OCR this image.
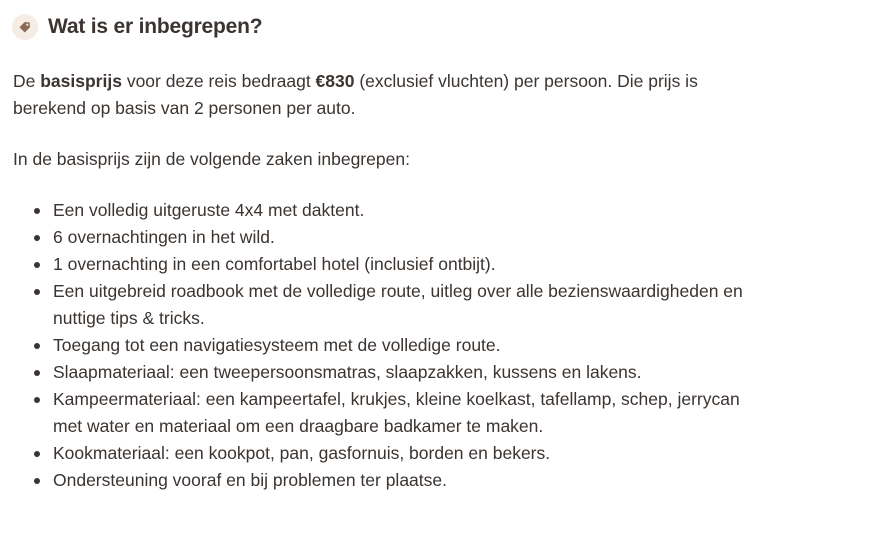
Wat is er inbegrepen?

De basisprijs voor deze reis bedraagt €830 (exclusief vluchten) per persoon. Die prijs is berekend op basis van 2 personen per auto.

In de basisprijs zijn de volgende zaken inbegrepen:

Een volledig uitgeruste 4x4 met daktent.
6 overnachtingen in het wild.
1 overnachting in een comfortabel hotel (inclusief ontbijt).
Een uitgebreid roadbook met de volledige route, uitleg over alle bezienswaardigheden en nuttige tips & tricks.
Toegang tot een navigatiesysteem met de volledige route.
Slaapmateriaal: een tweepersoonsmatras, slaapzakken, kussens en lakens.
Kampeermateriaal: een kampeertafel, krukjes, kleine koelkast, tafellamp, schep, jerrycan met water en materiaal om een draagbare badkamer te maken.
Kookmateriaal: een kookpot, pan, gasfornuis, borden en bekers.
Ondersteuning vooraf en bij problemen ter plaatse.
